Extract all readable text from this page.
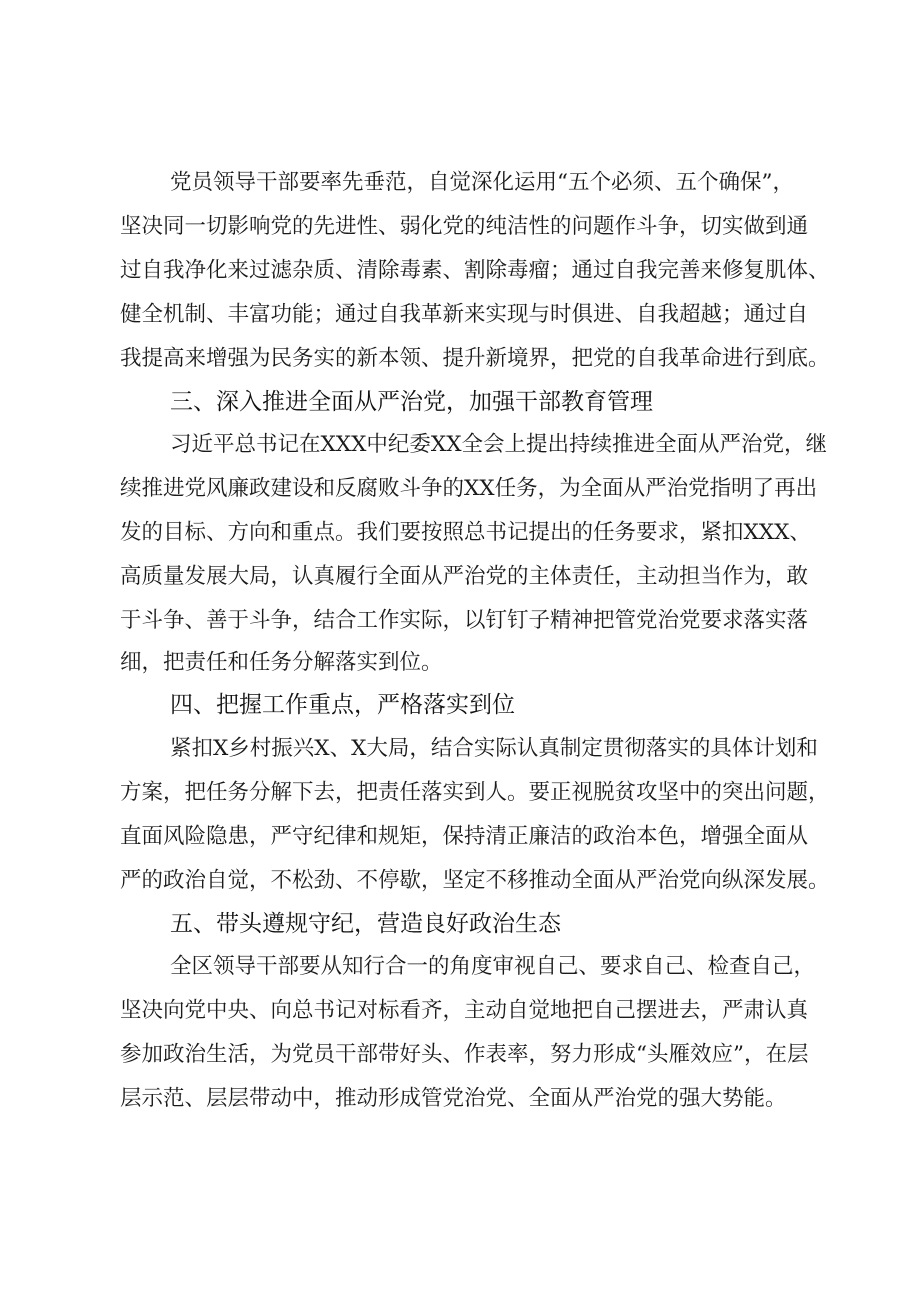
党员领导干部要率先垂范，自觉深化运用“五个必须、五个确保”，
坚决同一切影响党的先进性、弱化党的纯洁性的问题作斗争，切实做到通
过自我净化来过滤杂质、清除毒素、割除毒瘤；通过自我完善来修复肌体、
健全机制、丰富功能；通过自我革新来实现与时俱进、自我超越；通过自
我提高来增强为民务实的新本领、提升新境界，把党的自我革命进行到底。
三、深入推进全面从严治党，加强干部教育管理
习近平总书记在XXX中纪委XX全会上提出持续推进全面从严治党，继
续推进党风廉政建设和反腐败斗争的XX任务，为全面从严治党指明了再出
发的目标、方向和重点。我们要按照总书记提出的任务要求，紧扣XXX、
高质量发展大局，认真履行全面从严治党的主体责任，主动担当作为，敢
于斗争、善于斗争，结合工作实际，以钉钉子精神把管党治党要求落实落
细，把责任和任务分解落实到位。
四、把握工作重点，严格落实到位
紧扣X乡村振兴X、X大局，结合实际认真制定贯彻落实的具体计划和
方案，把任务分解下去，把责任落实到人。要正视脱贫攻坚中的突出问题，
直面风险隐患，严守纪律和规矩，保持清正廉洁的政治本色，增强全面从
严的政治自觉，不松劲、不停歇，坚定不移推动全面从严治党向纵深发展。
五、带头遵规守纪，营造良好政治生态
全区领导干部要从知行合一的角度审视自己、要求自己、检查自己，
坚决向党中央、向总书记对标看齐，主动自觉地把自己摆进去，严肃认真
参加政治生活，为党员干部带好头、作表率，努力形成“头雁效应”，在层
层示范、层层带动中，推动形成管党治党、全面从严治党的强大势能。
